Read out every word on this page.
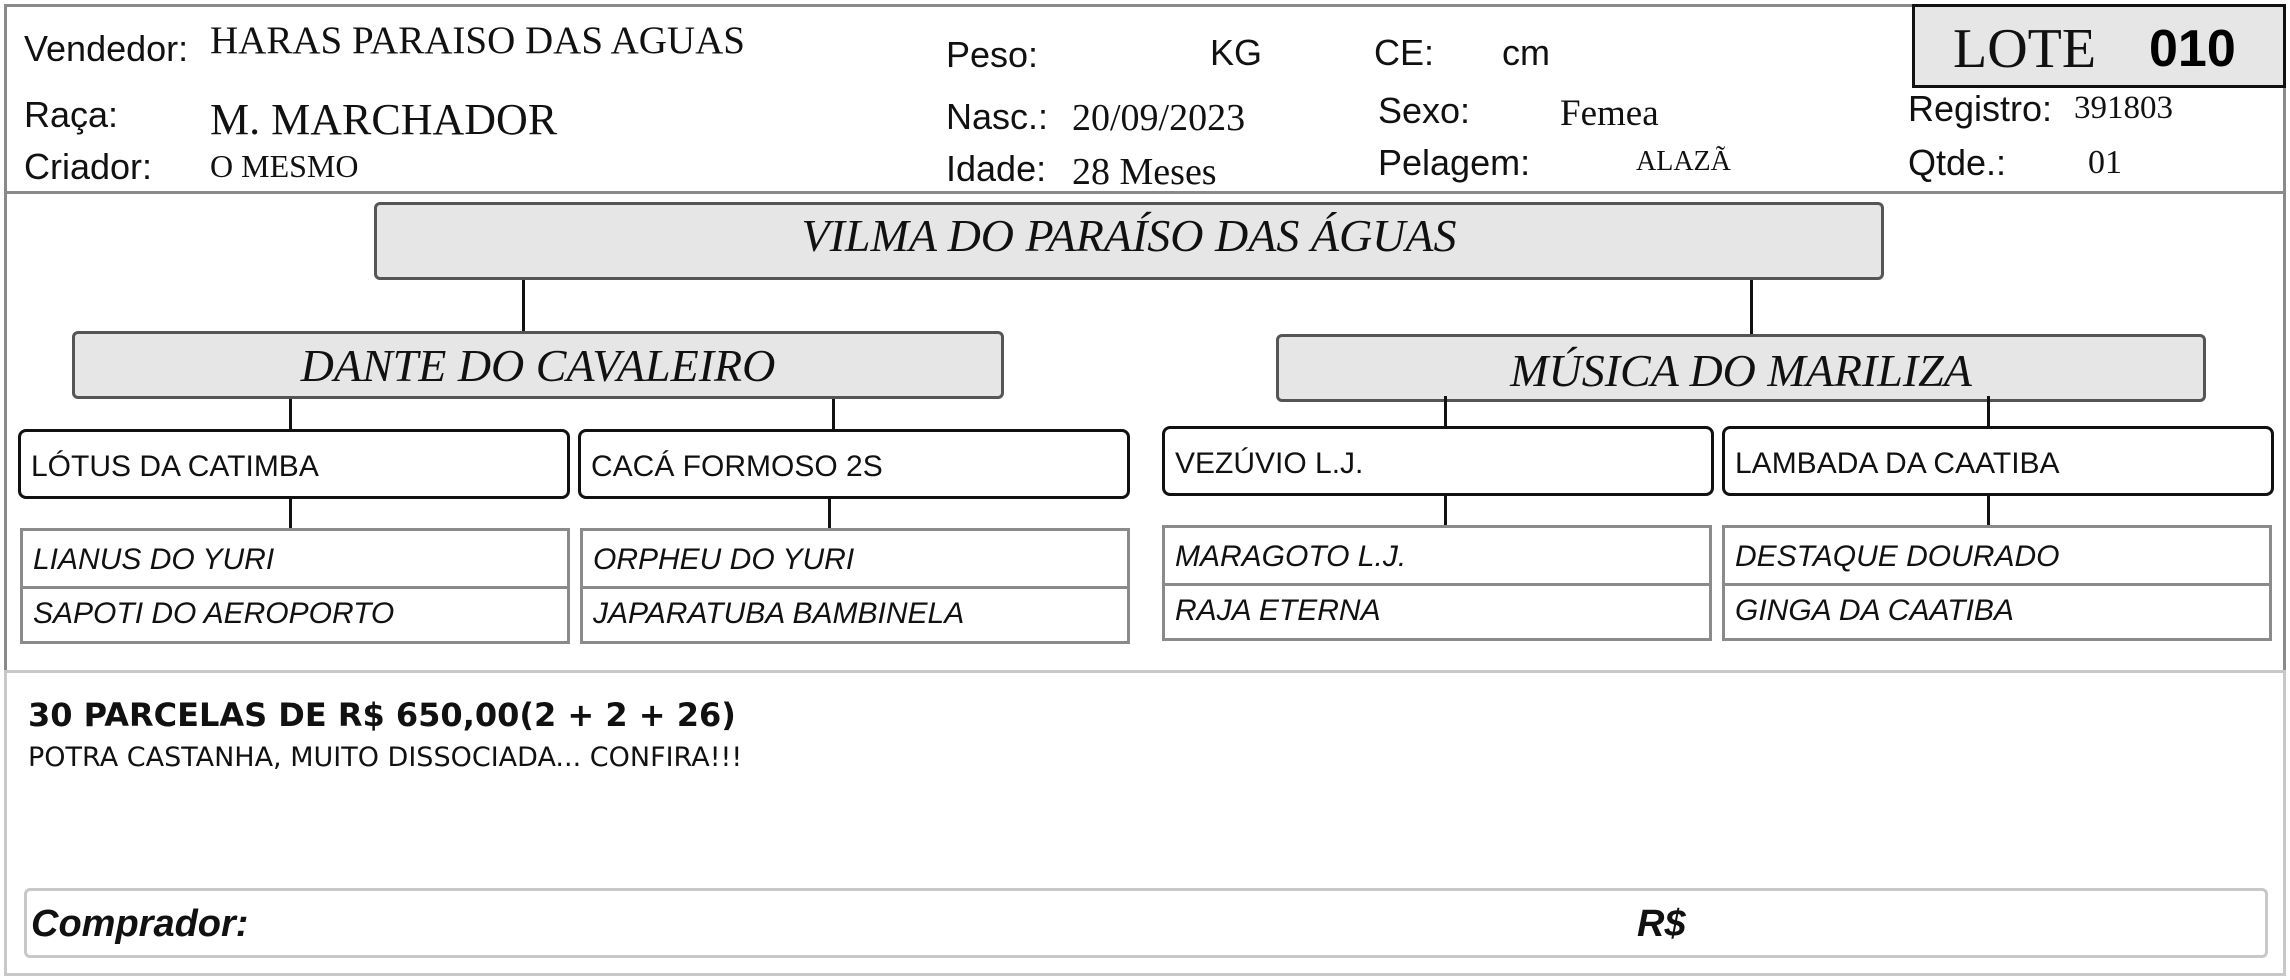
Vendedor: HARAS PARAISO DAS AGUAS
Raça: M. MARCHADOR
Criador: O MESMO
Peso:	KG
Nasc.: 20/09/2023
Idade: 28 Meses
CE: cm
Sexo: Femea
Pelagem:	ALAZÃ
LOTE 010
Registro: 391803
Qtde.: 01
VILMA DO PARAÍSO DAS ÁGUAS
DANTE DO CAVALEIRO	MÚSICA DO MARILIZA
LÓTUS DA CATIMBA	CACÁ FORMOSO 2S	VEZÚVIO L.J.	LAMBADA DA CAATIBA
LIANUS DO YURI
SAPOTI DO AEROPORTO
ORPHEU DO YURI
JAPARATUBA BAMBINELA
MARAGOTO L.J.
RAJA ETERNA
DESTAQUE DOURADO
GINGA DA CAATIBA
30 PARCELAS DE R$ 650,00(2 + 2 + 26)
POTRA CASTANHA, MUITO DISSOCIADA... CONFIRA!!!
Comprador:	R$
